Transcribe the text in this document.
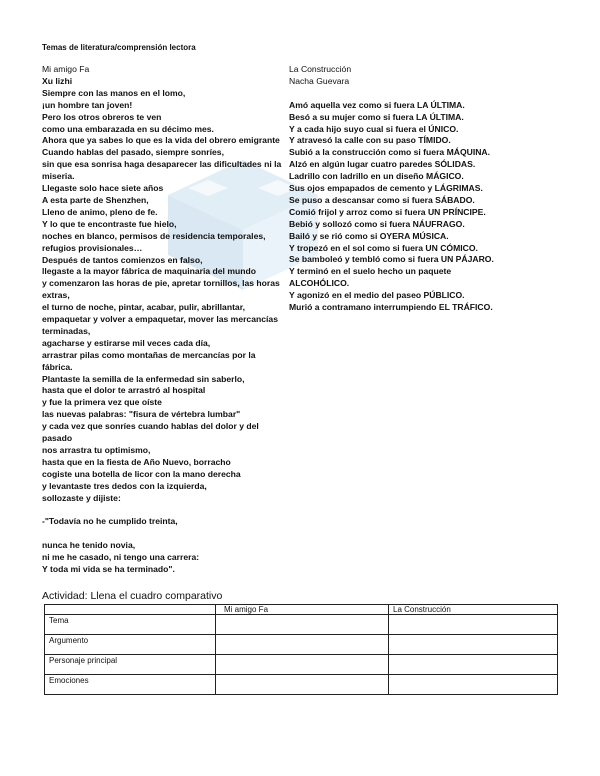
Temas de literatura/comprensión lectora
Mi amigo Fa
Xu lizhi
Siempre con las manos en el lomo,
¡un hombre tan joven!
Pero los otros obreros te ven
como una embarazada en su décimo mes.
Ahora que ya sabes lo que es la vida del obrero emigrante
Cuando hablas del pasado, siempre sonríes,
sin que esa sonrisa haga desaparecer las dificultades ni la
miseria.
Llegaste solo hace siete años
A esta parte de Shenzhen,
Lleno de animo, pleno de fe.
Y lo que te encontraste fue hielo,
noches en blanco, permisos de residencia temporales,
refugios provisionales…
Después de tantos comienzos en falso,
llegaste a la mayor fábrica de maquinaria del mundo
y comenzaron las horas de pie, apretar tornillos, las horas
extras,
el turno de noche, pintar, acabar, pulir, abrillantar,
empaquetar y volver a empaquetar, mover las mercancías
terminadas,
agacharse y estirarse mil veces cada día,
arrastrar pilas como montañas de mercancías por la
fábrica.
Plantaste la semilla de la enfermedad sin saberlo,
hasta que el dolor te arrastró al hospital
y fue la primera vez que oíste
las nuevas palabras: "fisura de vértebra lumbar"
y cada vez que sonríes cuando hablas del dolor y del
pasado
nos arrastra tu optimismo,
hasta que en la fiesta de Año Nuevo, borracho
cogiste una botella de licor con la mano derecha
y levantaste tres dedos con la izquierda,
sollozaste y dijiste:
-"Todavía no he cumplido treinta,
nunca he tenido novia,
ni me he casado, ni tengo una carrera:
Y toda mi vida se ha terminado".
La Construcción
Nacha Guevara
Amó aquella vez como si fuera LA ÚLTIMA.
Besó a su mujer como si fuera LA ÚLTIMA.
Y a cada hijo suyo cual si fuera el ÚNICO.
Y atravesó la calle con su paso TÍMIDO.
Subió a la construcción como si fuera MÁQUINA.
Alzó en algún lugar cuatro paredes SÓLIDAS.
Ladrillo con ladrillo en un diseño MÁGICO.
Sus ojos empapados de cemento y LÁGRIMAS.
Se puso a descansar como si fuera SÁBADO.
Comió frijol y arroz como si fuera UN PRÍNCIPE.
Bebió y sollozó como si fuera NÁUFRAGO.
Bailó y se rió como si OYERA MÚSICA.
Y tropezó en el sol como si fuera UN CÓMICO.
Se bamboleó y tembló como si fuera UN PÁJARO.
Y terminó en el suelo hecho un paquete
ALCOHÓLICO.
Y agonizó en el medio del paseo PÚBLICO.
Murió a contramano interrumpiendo EL TRÁFICO.
Actividad: Llena el cuadro comparativo
	Mi amigo Fa	La Construcción
Tema		
Argumento		
Personaje principal		
Emociones		
